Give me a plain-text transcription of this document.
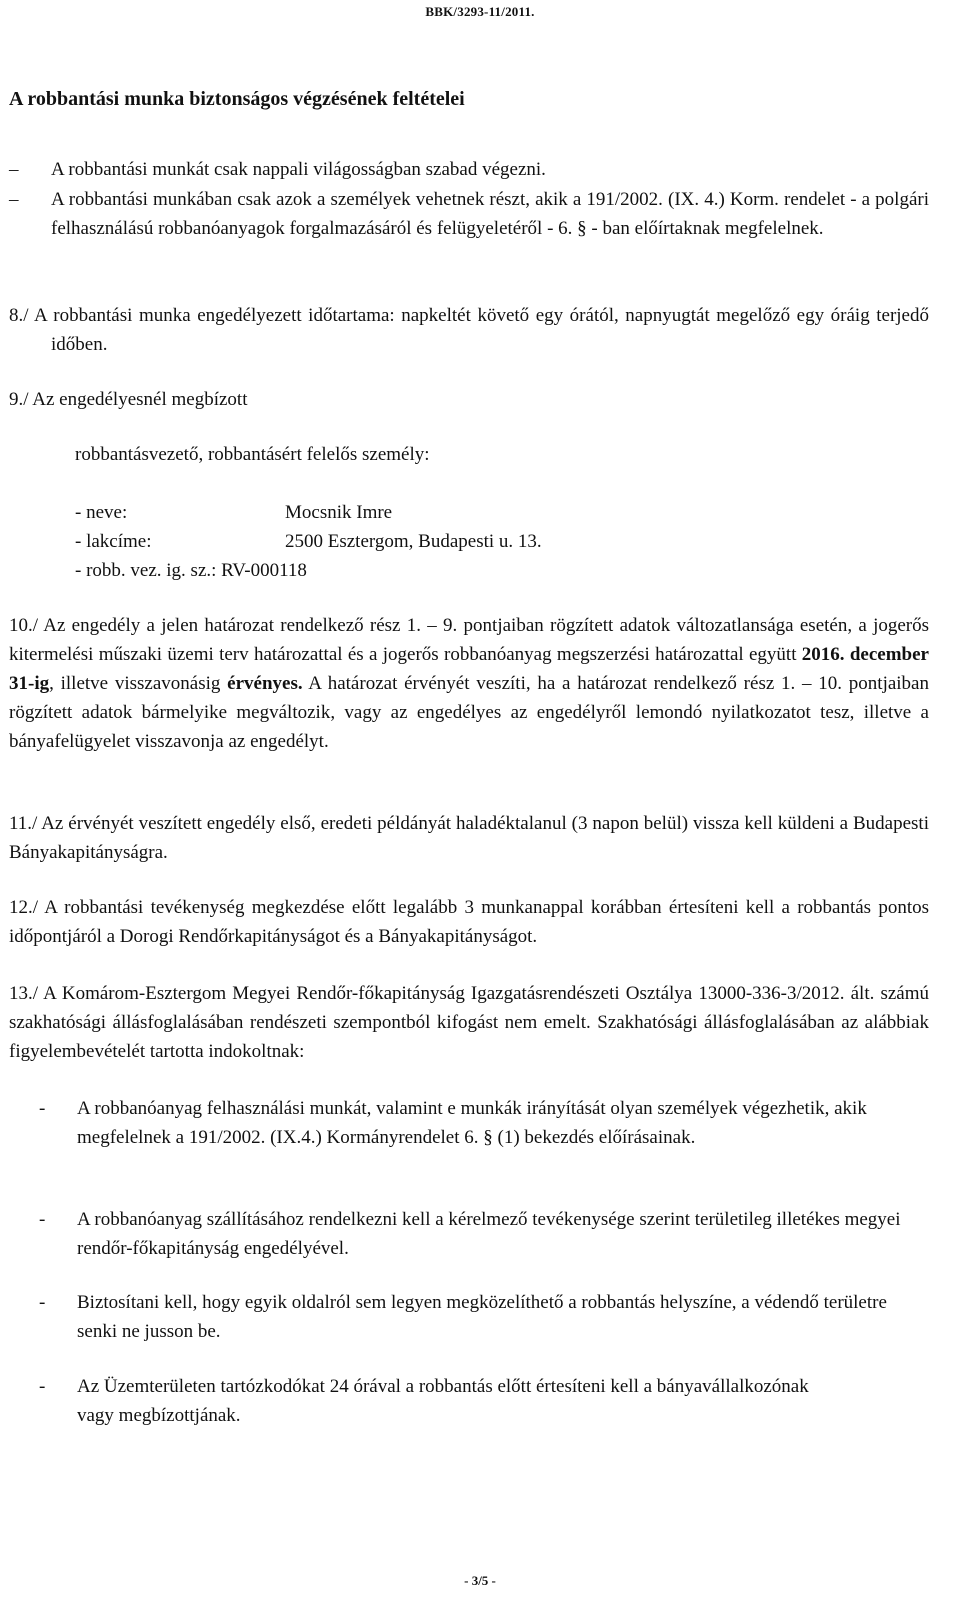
BBK/3293-11/2011.
A robbantási munka biztonságos végzésének feltételei
– A robbantási munkát csak nappali világosságban szabad végezni.
– A robbantási munkában csak azok a személyek vehetnek részt, akik a 191/2002. (IX. 4.) Korm. rendelet - a polgári felhasználású robbanóanyagok forgalmazásáról és felügyeletéről - 6. § - ban előírtaknak megfelelnek.
8./ A robbantási munka engedélyezett időtartama: napkeltét követő egy órától, napnyugtát megelőző egy óráig terjedő időben.
9./ Az engedélyesnél megbízott
robbantásvezető, robbantásért felelős személy:
- neve:	Mocsnik Imre
- lakcíme:	2500 Esztergom, Budapesti u. 13.
- robb. vez. ig. sz.: RV-000118
10./ Az engedély a jelen határozat rendelkező rész 1. – 9. pontjaiban rögzített adatok változatlansága esetén, a jogerős kitermelési műszaki üzemi terv határozattal és a jogerős robbanóanyag megszerzési határozattal együtt 2016. december 31-ig, illetve visszavonásig érvényes. A határozat érvényét veszíti, ha a határozat rendelkező rész 1. – 10. pontjaiban rögzített adatok bármelyike megváltozik, vagy az engedélyes az engedélyről lemondó nyilatkozatot tesz, illetve a bányafelügyelet visszavonja az engedélyt.
11./ Az érvényét veszített engedély első, eredeti példányát haladéktalanul (3 napon belül) vissza kell küldeni a Budapesti Bányakapitányságra.
12./ A robbantási tevékenység megkezdése előtt legalább 3 munkanappal korábban értesíteni kell a robbantás pontos időpontjáról a Dorogi Rendőrkapitányságot és a Bányakapitányságot.
13./ A Komárom-Esztergom Megyei Rendőr-főkapitányság Igazgatásrendészeti Osztálya 13000-336-3/2012. ált. számú szakhatósági állásfoglalásában rendészeti szempontból kifogást nem emelt. Szakhatósági állásfoglalásában az alábbiak figyelembevételét tartotta indokoltnak:
- A robbanóanyag felhasználási munkát, valamint e munkák irányítását olyan személyek végezhetik, akik megfelelnek a 191/2002. (IX.4.) Kormányrendelet 6. § (1) bekezdés előírásainak.
- A robbanóanyag szállításához rendelkezni kell a kérelmező tevékenysége szerint területileg illetékes megyei rendőr-főkapitányság engedélyével.
- Biztosítani kell, hogy egyik oldalról sem legyen megközelíthető a robbantás helyszíne, a védendő területre senki ne jusson be.
- Az Üzemterületen tartózkodókat 24 órával a robbantás előtt értesíteni kell a bányavállalkozónak vagy megbízottjának.
- 3/5 -
